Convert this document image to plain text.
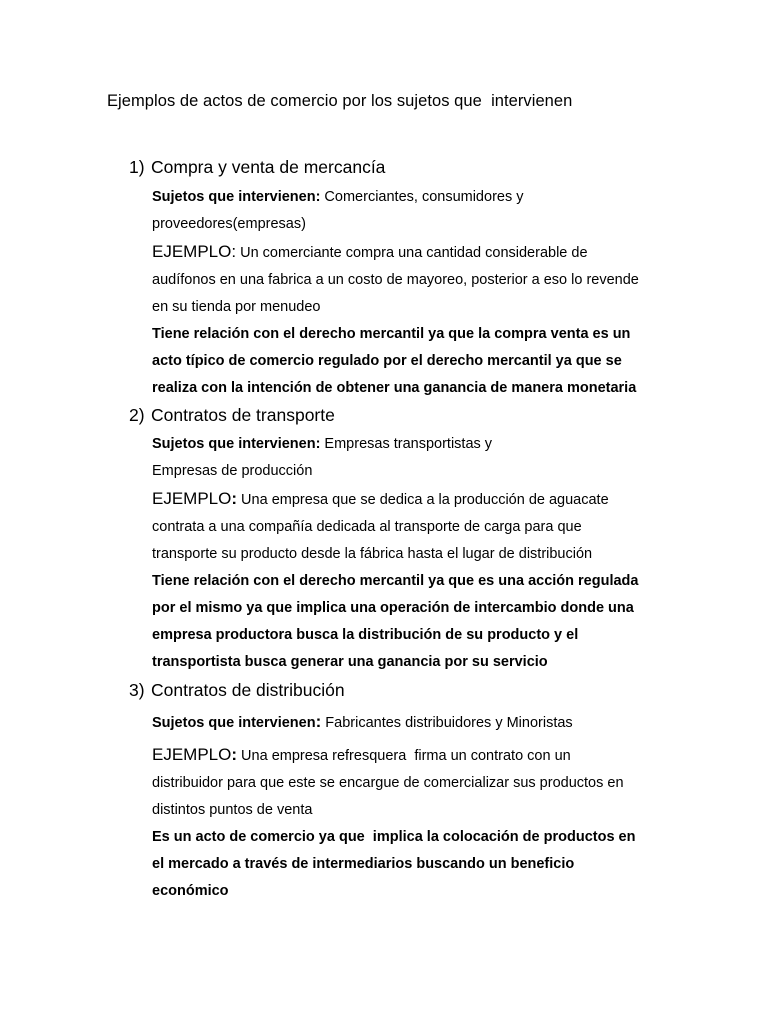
Ejemplos de actos de comercio por los sujetos que  intervienen
1) Compra y venta de mercancía
Sujetos que intervienen: Comerciantes, consumidores y
proveedores(empresas)
EJEMPLO: Un comerciante compra una cantidad considerable de
audífonos en una fabrica a un costo de mayoreo, posterior a eso lo revende
en su tienda por menudeo
Tiene relación con el derecho mercantil ya que la compra venta es un
acto típico de comercio regulado por el derecho mercantil ya que se
realiza con la intención de obtener una ganancia de manera monetaria
2) Contratos de transporte
Sujetos que intervienen: Empresas transportistas y
Empresas de producción
EJEMPLO: Una empresa que se dedica a la producción de aguacate
contrata a una compañía dedicada al transporte de carga para que
transporte su producto desde la fábrica hasta el lugar de distribución
Tiene relación con el derecho mercantil ya que es una acción regulada
por el mismo ya que implica una operación de intercambio donde una
empresa productora busca la distribución de su producto y el
transportista busca generar una ganancia por su servicio
3) Contratos de distribución
Sujetos que intervienen: Fabricantes distribuidores y Minoristas
EJEMPLO: Una empresa refresquera  firma un contrato con un
distribuidor para que este se encargue de comercializar sus productos en
distintos puntos de venta
Es un acto de comercio ya que  implica la colocación de productos en
el mercado a través de intermediarios buscando un beneficio
económico
